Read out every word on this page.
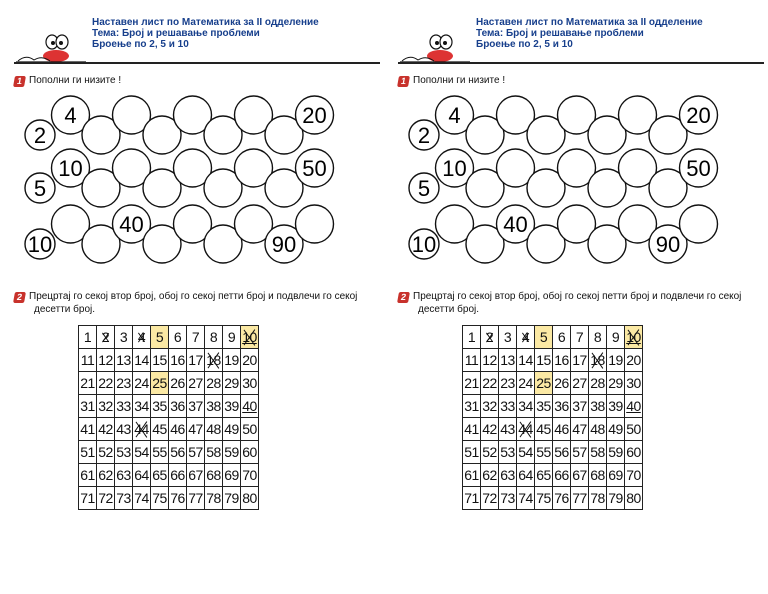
Наставен лист по Математика за II одделение
Тема: Број и решавање проблеми
Броење по 2, 5 и 10
1 Пополни ги низите !
2
4	20
5
10	50
10
40
90
2 Прецртај го секој втор број, обој го секој петти број и подвлечи го секој
десетти број.
1	2	3	4	5	6	7	8	9	10
11	12	13	14	15	16	17	18	19	20
21	22	23	24	25	26	27	28	29	30
31	32	33	34	35	36	37	38	39	40
41	42	43	44	45	46	47	48	49	50
51	52	53	54	55	56	57	58	59	60
61	62	63	64	65	66	67	68	69	70
71	72	73	74	75	76	77	78	79	80
Наставен лист по Математика за II одделение
Тема: Број и решавање проблеми
Броење по 2, 5 и 10
1 Пополни ги низите !
2
4	20
5
10	50
10
40
90
2 Прецртај го секој втор број, обој го секој петти број и подвлечи го секој
десетти број.
1	2	3	4	5	6	7	8	9	10
11	12	13	14	15	16	17	18	19	20
21	22	23	24	25	26	27	28	29	30
31	32	33	34	35	36	37	38	39	40
41	42	43	44	45	46	47	48	49	50
51	52	53	54	55	56	57	58	59	60
61	62	63	64	65	66	67	68	69	70
71	72	73	74	75	76	77	78	79	80
